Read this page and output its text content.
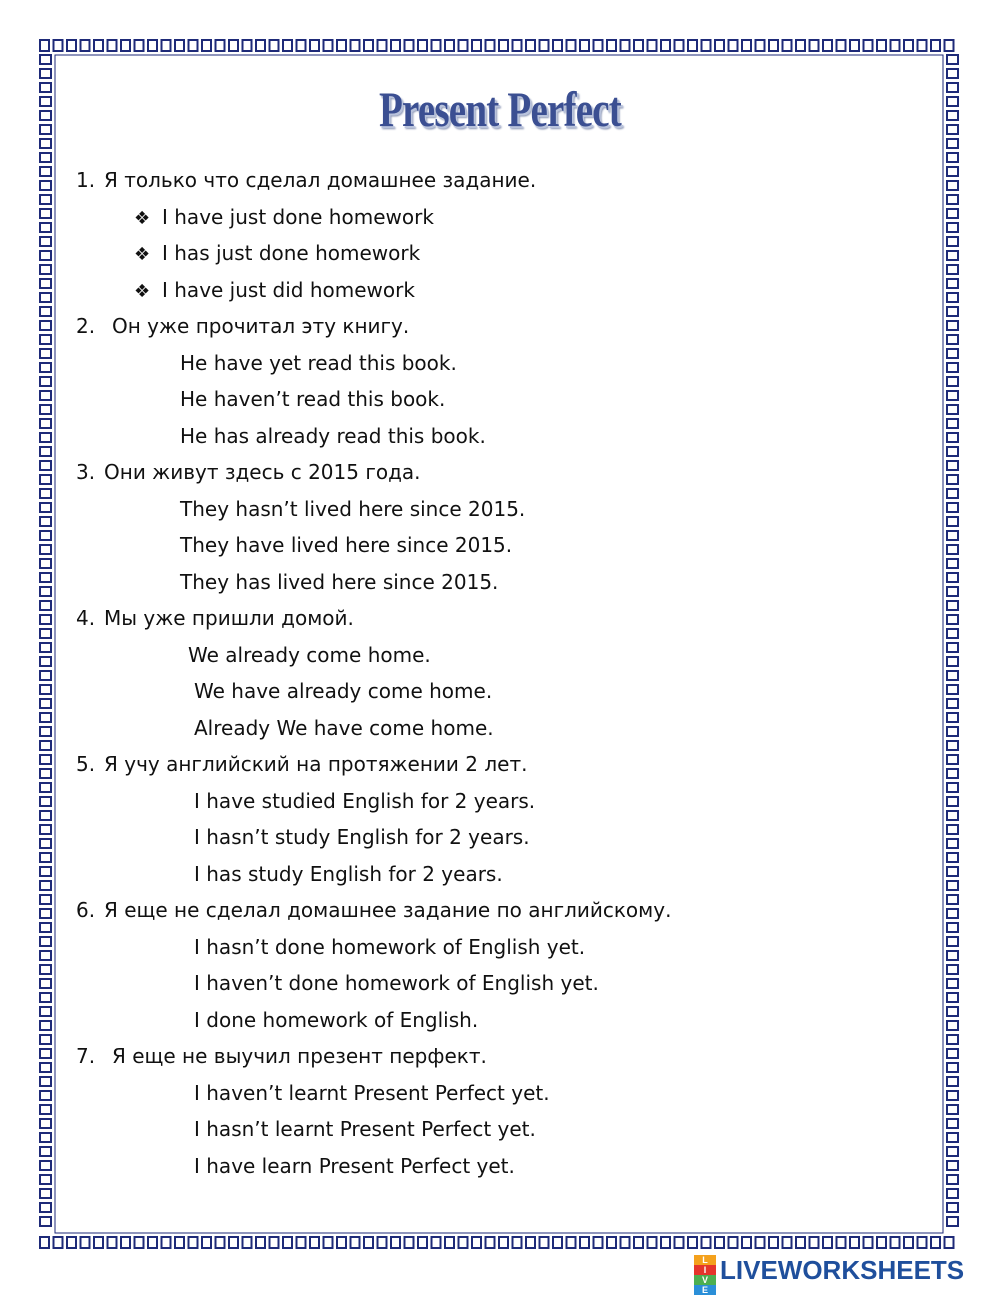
Present Perfect
1. Я только что сделал домашнее задание.
❖ I have just done homework
❖ I has just done homework
❖ I have just did homework
2. Он уже прочитал эту книгу.
He have yet read this book.
He haven’t read this book.
He has already read this book.
3. Они живут здесь с 2015 года.
They hasn’t lived here since 2015.
They have lived here since 2015.
They has lived here since 2015.
4. Мы уже пришли домой.
We already come home.
We have already come home.
Already We have come home.
5. Я учу английский на протяжении 2 лет.
I have studied English for 2 years.
I hasn’t study English for 2 years.
I has study English for 2 years.
6. Я еще не сделал домашнее задание по английскому.
I hasn’t done homework of English yet.
I haven’t done homework of English yet.
I done homework of English.
7. Я еще не выучил презент перфект.
I haven’t learnt Present Perfect yet.
I hasn’t learnt Present Perfect yet.
I have learn Present Perfect yet.
L
I
V
E
LIVEWORKSHEETS
